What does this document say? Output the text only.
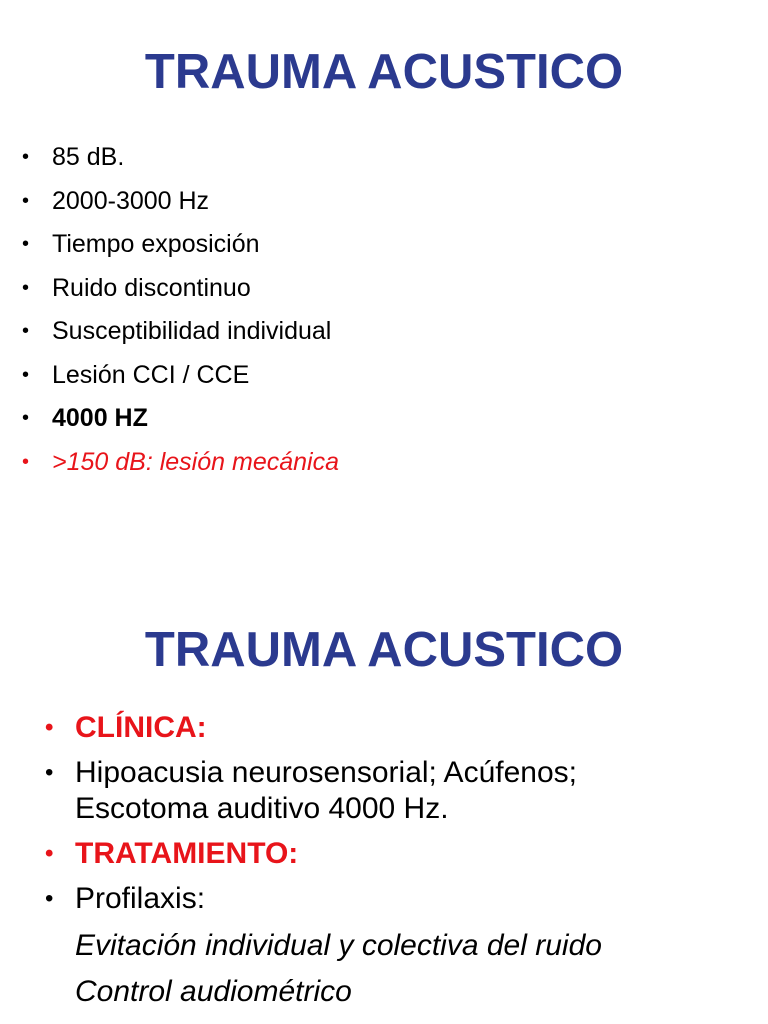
TRAUMA ACUSTICO
• 85 dB.
• 2000-3000 Hz
• Tiempo exposición
• Ruido discontinuo
• Susceptibilidad individual
• Lesión CCI / CCE
• 4000 HZ
• >150 dB: lesión mecánica
TRAUMA ACUSTICO
• CLÍNICA:
• Hipoacusia neurosensorial; Acúfenos;
Escotoma auditivo 4000 Hz.
• TRATAMIENTO:
• Profilaxis:
Evitación individual y colectiva del ruido
Control audiométrico
